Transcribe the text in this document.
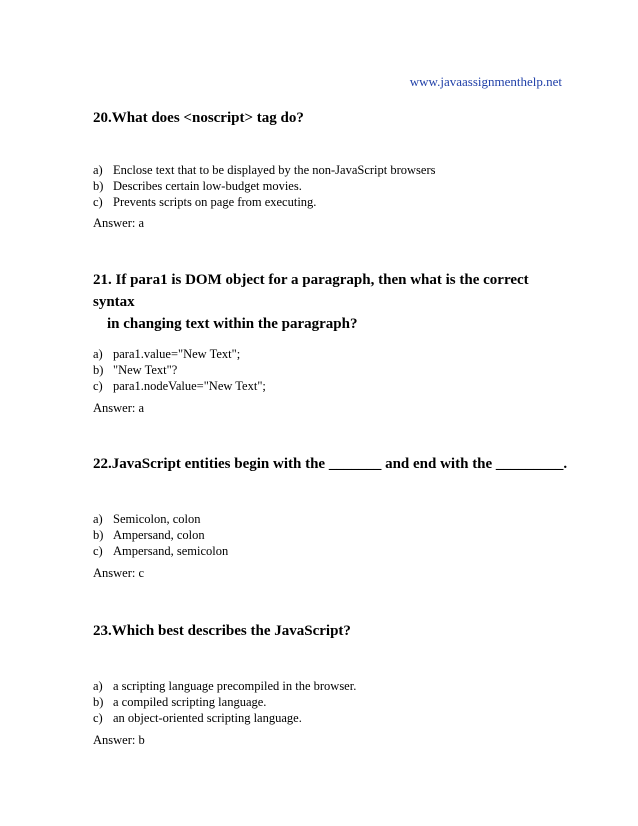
www.javaassignmenthelp.net
20.What does <noscript> tag do?
a) Enclose text that to be displayed by the non-JavaScript browsers
b) Describes certain low-budget movies.
c) Prevents scripts on page from executing.
Answer: a
21. If para1 is DOM object for a paragraph, then what is the correct syntax
in changing text within the paragraph?
a) para1.value="New Text";
b) "New Text"?
c) para1.nodeValue="New Text";
Answer: a
22.JavaScript entities begin with the _______ and end with the _________.
a) Semicolon, colon
b) Ampersand, colon
c) Ampersand, semicolon
Answer: c
23.Which best describes the JavaScript?
a) a scripting language precompiled in the browser.
b) a compiled scripting language.
c) an object-oriented scripting language.
Answer: b
